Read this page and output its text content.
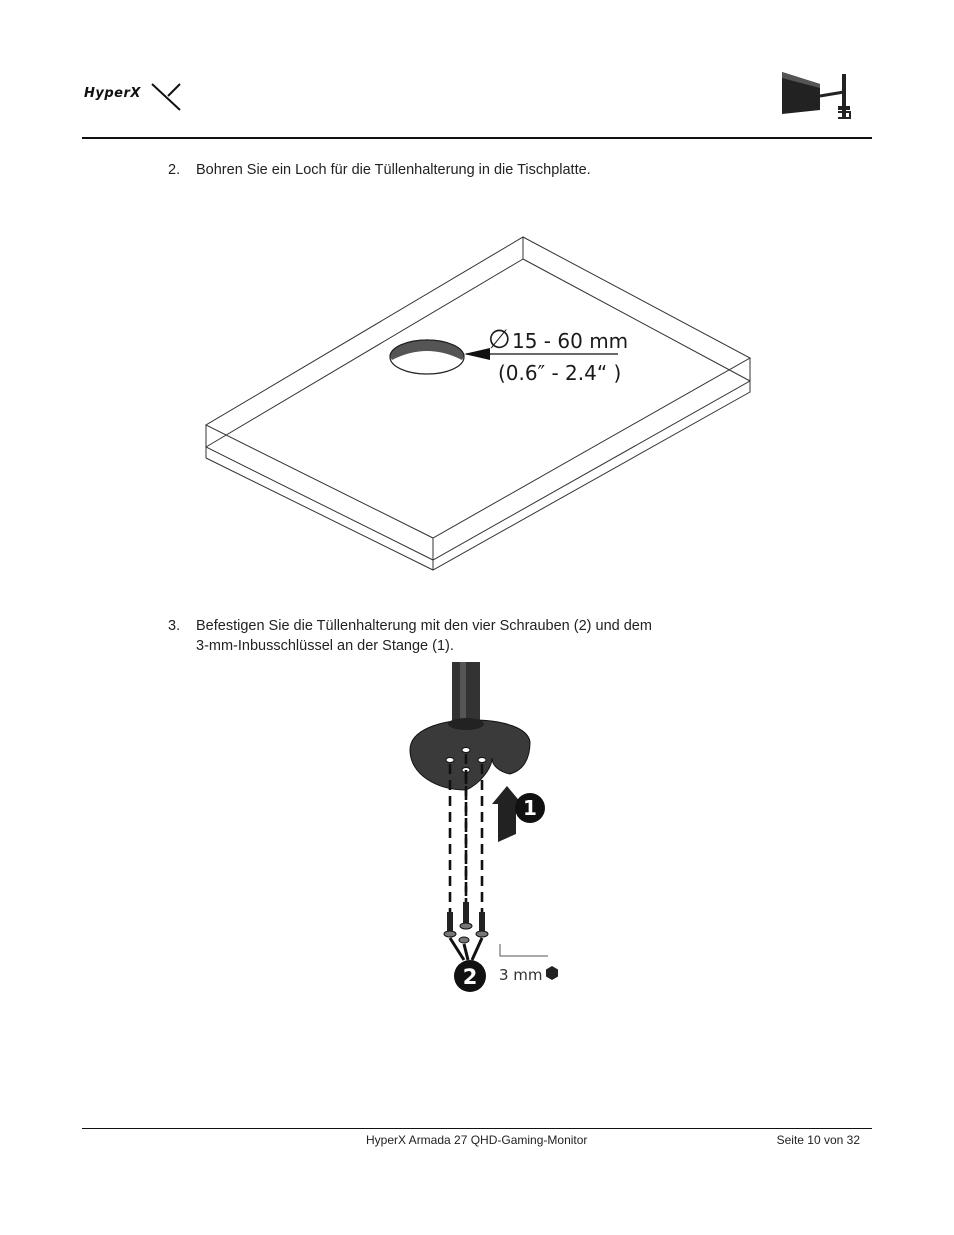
HyperX
2.	Bohren Sie ein Loch für die Tüllenhalterung in die Tischplatte.
∅ 15 - 60 mm
(0.6″ - 2.4“ )
3.	Befestigen Sie die Tüllenhalterung mit den vier Schrauben (2) und dem
3-mm-Inbusschlüssel an der Stange (1).
1
2 3 mm
HyperX Armada 27 QHD-Gaming-Monitor	Seite 10 von 32
